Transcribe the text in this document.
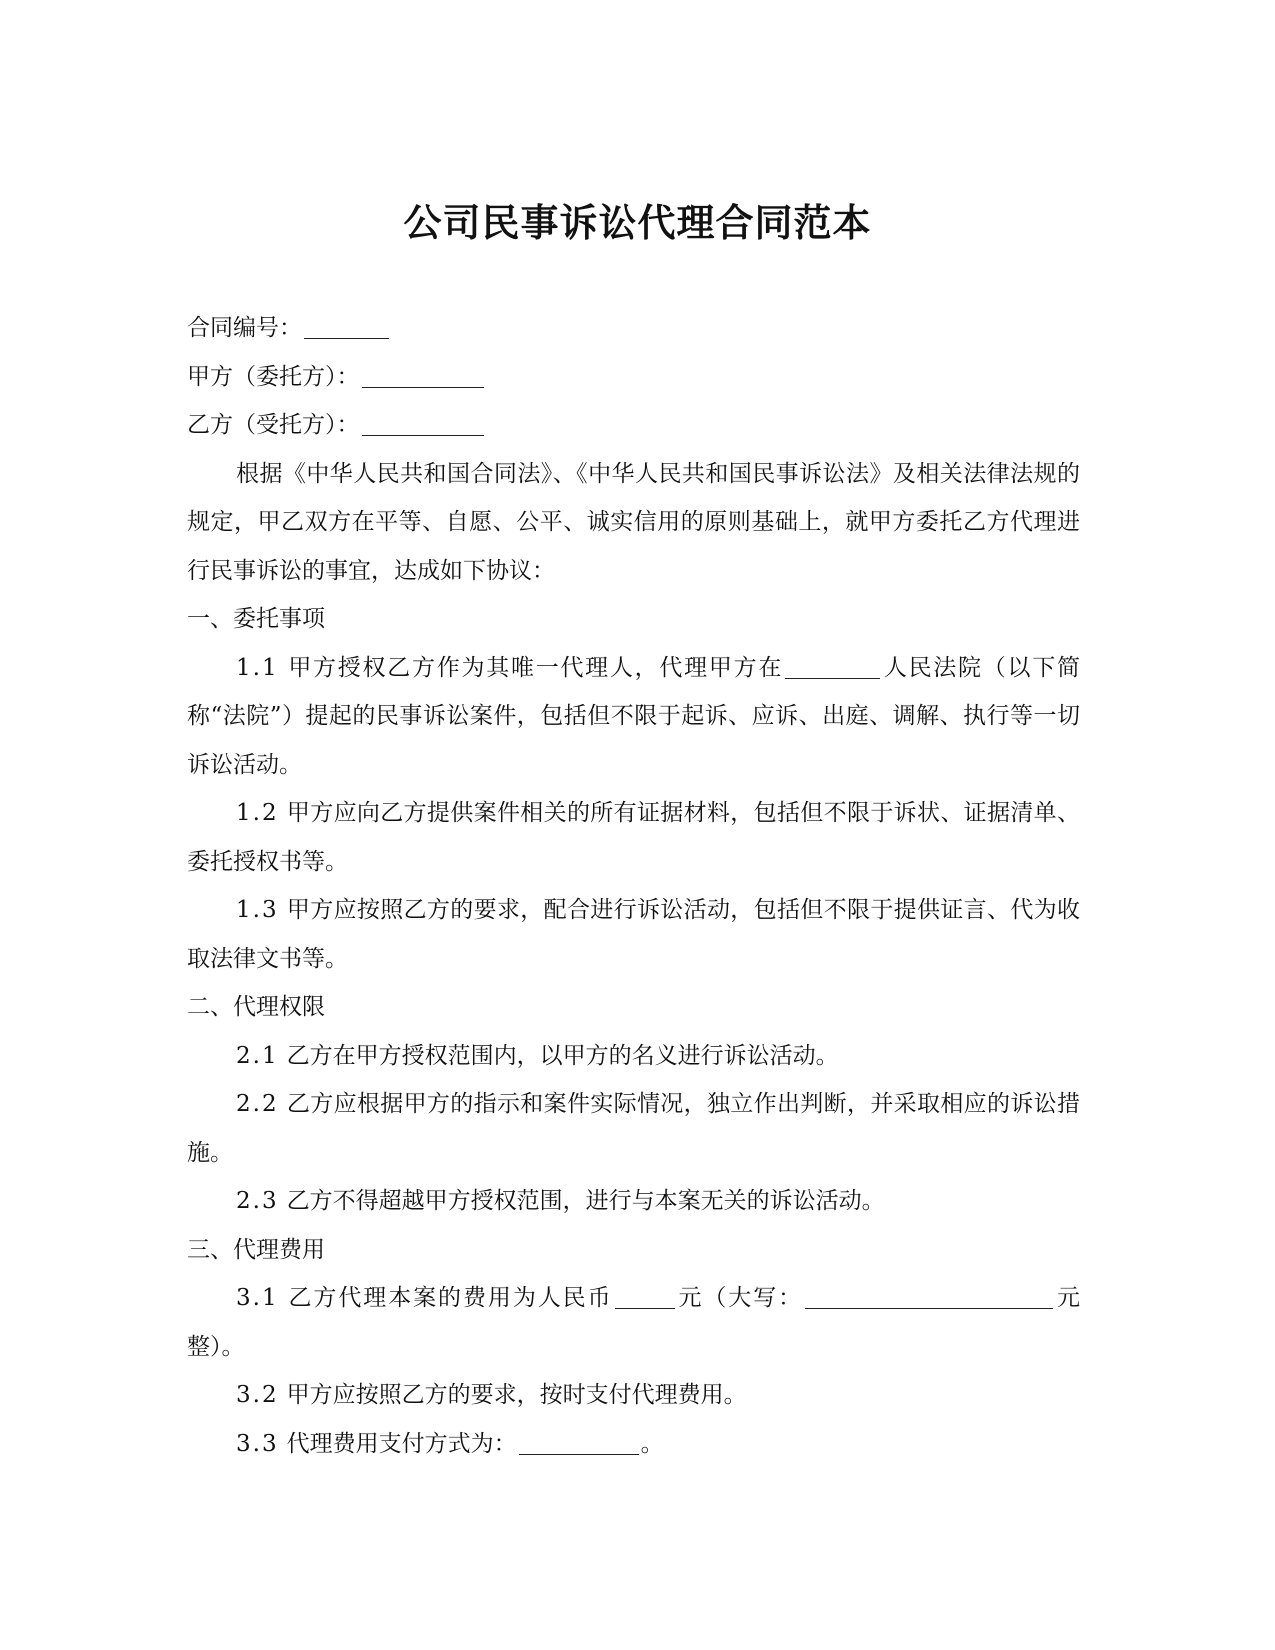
公司民事诉讼代理合同范本

合同编号：

甲方（委托方）：

乙方（受托方）：

根据《中华人民共和国合同法》、《中华人民共和国民事诉讼法》及相关法律法规的规定，甲乙双方在平等、自愿、公平、诚实信用的原则基础上，就甲方委托乙方代理进行民事诉讼的事宜，达成如下协议：

一、委托事项

1.1 甲方授权乙方作为其唯一代理人，代理甲方在	人民法院（以下简称“法院”）提起的民事诉讼案件，包括但不限于起诉、应诉、出庭、调解、执行等一切诉讼活动。

1.2 甲方应向乙方提供案件相关的所有证据材料，包括但不限于诉状、证据清单、委托授权书等。

1.3 甲方应按照乙方的要求，配合进行诉讼活动，包括但不限于提供证言、代为收取法律文书等。

二、代理权限

2.1 乙方在甲方授权范围内，以甲方的名义进行诉讼活动。

2.2 乙方应根据甲方的指示和案件实际情况，独立作出判断，并采取相应的诉讼措施。

2.3 乙方不得超越甲方授权范围，进行与本案无关的诉讼活动。

三、代理费用

3.1 乙方代理本案的费用为人民币	元（大写：	元整）。

3.2 甲方应按照乙方的要求，按时支付代理费用。

3.3 代理费用支付方式为：	。
